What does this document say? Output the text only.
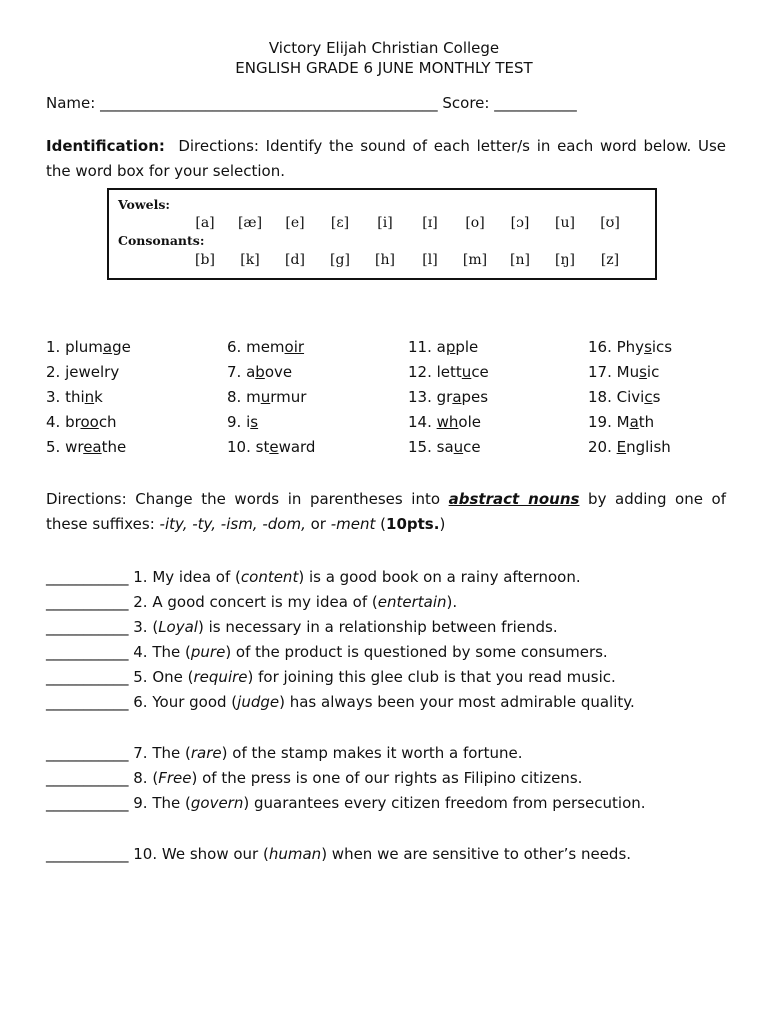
Victory Elijah Christian College
ENGLISH GRADE 6 JUNE MONTHLY TEST
Name: _____________________________________________ Score: ___________
Identification: Directions: Identify the sound of each letter/s in each word below. Use the word box for your selection.
Vowels:
[a]	[æ]	[e]	[ɛ]	[i]	[ɪ]	[o]	[ɔ]	[u]	[ʊ]
Consonants:
[b]	[k]	[d]	[g]	[h]	[l]	[m]	[n]	[ŋ]	[z]
1. plumage
2. jewelry
3. think
4. brooch
5. wreathe
6. memoir
7. above
8. murmur
9. is
10. steward
11. apple
12. lettuce
13. grapes
14. whole
15. sauce
16. Physics
17. Music
18. Civics
19. Math
20. English
Directions: Change the words in parentheses into abstract nouns by adding one of these suffixes: -ity, -ty, -ism, -dom, or -ment (10pts.)
___________ 1. My idea of (content) is a good book on a rainy afternoon.
___________ 2. A good concert is my idea of (entertain).
___________ 3. (Loyal) is necessary in a relationship between friends.
___________ 4. The (pure) of the product is questioned by some consumers.
___________ 5. One (require) for joining this glee club is that you read music.
___________ 6. Your good (judge) has always been your most admirable quality.
___________ 7. The (rare) of the stamp makes it worth a fortune.
___________ 8. (Free) of the press is one of our rights as Filipino citizens.
___________ 9. The (govern) guarantees every citizen freedom from persecution.
___________ 10. We show our (human) when we are sensitive to other’s needs.
